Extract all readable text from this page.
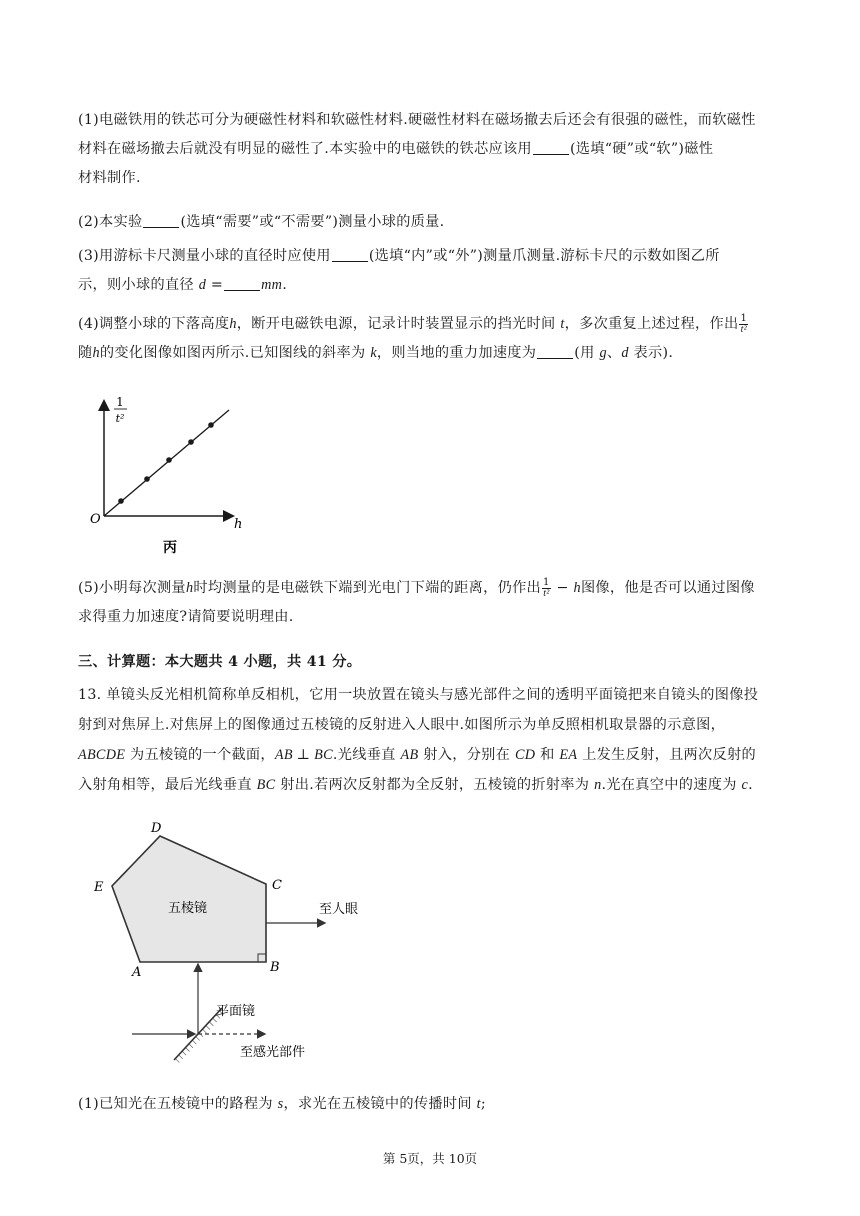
(1)电磁铁用的铁芯可分为硬磁性材料和软磁性材料.硬磁性材料在磁场撤去后还会有很强的磁性，而软磁性
材料在磁场撤去后就没有明显的磁性了.本实验中的电磁铁的铁芯应该用	(选填“硬”或“软”)磁性
材料制作.
(2)本实验	(选填“需要”或“不需要”)测量小球的质量.
(3)用游标卡尺测量小球的直径时应使用	(选填“内”或“外”)测量爪测量.游标卡尺的示数如图乙所
示，则小球的直径 d =	mm.
(4)调整小球的下落高度h，断开电磁铁电源，记录计时装置显示的挡光时间 t，多次重复上述过程，作出 $\frac{1}{\text{t²}}$
随h的变化图像如图丙所示.已知图线的斜率为 k，则当地的重力加速度为	(用 g、d 表示).
1
t²
h
O
丙
(5)小明每次测量h时均测量的是电磁铁下端到光电门下端的距离，仍作出 $\frac{1}{\text{t²}} - h$图像，他是否可以通过图像
求得重力加速度?请简要说明理由.
三、计算题：本大题共 4 小题，共 41 分。
13. 单镜头反光相机简称单反相机，它用一块放置在镜头与感光部件之间的透明平面镜把来自镜头的图像投
射到对焦屏上.对焦屏上的图像通过五棱镜的反射进入人眼中.如图所示为单反照相机取景器的示意图，
ABCDE 为五棱镜的一个截面，AB ⊥ BC.光线垂直 AB 射入，分别在 CD 和 EA 上发生反射，且两次反射的
入射角相等，最后光线垂直 BC 射出.若两次反射都为全反射，五棱镜的折射率为 n.光在真空中的速度为 c.
D
C
E
A	B
五棱镜	至人眼
平面镜
至感光部件
(1)已知光在五棱镜中的路程为 s，求光在五棱镜中的传播时间 t;
第 5页，共 10页
